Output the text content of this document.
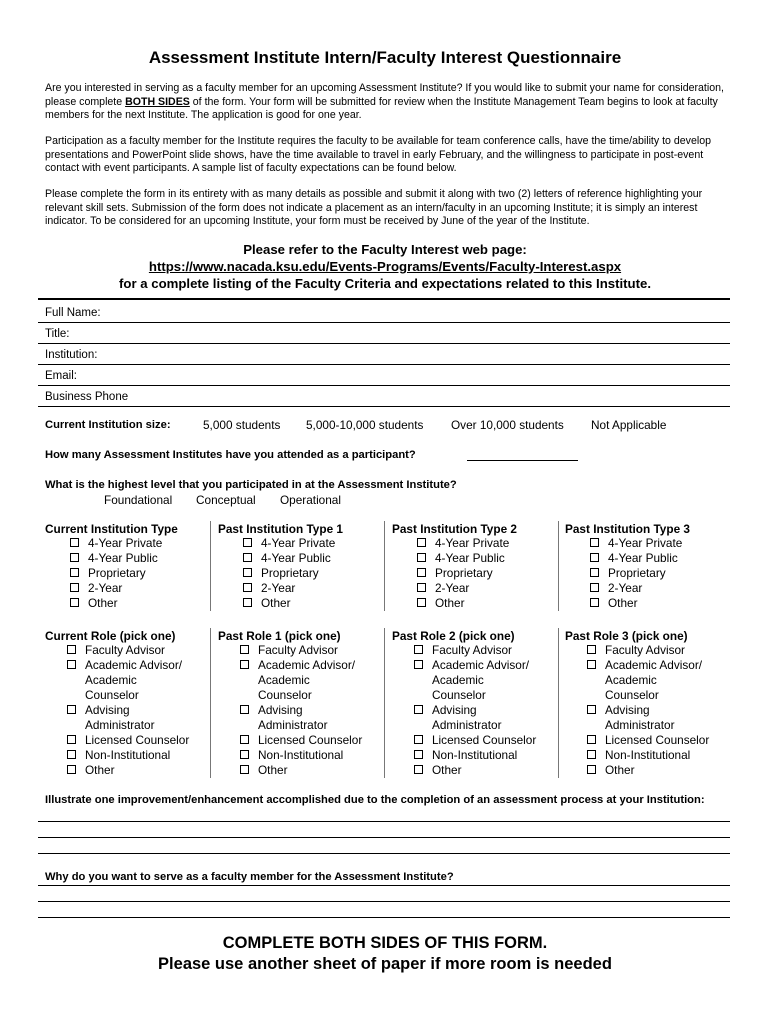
Assessment Institute Intern/Faculty Interest Questionnaire

Are you interested in serving as a faculty member for an upcoming Assessment Institute? If you would like to submit your name for consideration, please complete BOTH SIDES of the form. Your form will be submitted for review when the Institute Management Team begins to look at faculty members for the next Institute. The application is good for one year.

Participation as a faculty member for the Institute requires the faculty to be available for team conference calls, have the time/ability to develop presentations and PowerPoint slide shows, have the time available to travel in early February, and the willingness to participate in post-event contact with event participants. A sample list of faculty expectations can be found below.

Please complete the form in its entirety with as many details as possible and submit it along with two (2) letters of reference highlighting your relevant skill sets. Submission of the form does not indicate a placement as an intern/faculty in an upcoming Institute; it is simply an interest indicator. To be considered for an upcoming Institute, your form must be received by June of the year of the Institute.

Please refer to the Faculty Interest web page:
https://www.nacada.ksu.edu/Events-Programs/Events/Faculty-Interest.aspx
for a complete listing of the Faculty Criteria and expectations related to this Institute.
Full Name:
Title:
Institution:
Email:
Business Phone
Current Institution size:	5,000 students 5,000-10,000 students Over 10,000 students Not Applicable
How many Assessment Institutes have you attended as a participant?
What is the highest level that you participated in at the Assessment Institute?
Foundational Conceptual Operational
Current Institution Type
4-Year Private
4-Year Public
Proprietary
2-Year
Other
Past Institution Type 1
4-Year Private
4-Year Public
Proprietary
2-Year
Other
Past Institution Type 2
4-Year Private
4-Year Public
Proprietary
2-Year
Other
Past Institution Type 3
4-Year Private
4-Year Public
Proprietary
2-Year
Other
Current Role (pick one)
Faculty Advisor
Academic Advisor/
Academic
Counselor
Advising
Administrator
Licensed Counselor
Non-Institutional
Other
Past Role 1 (pick one)
Faculty Advisor
Academic Advisor/
Academic
Counselor
Advising
Administrator
Licensed Counselor
Non-Institutional
Other
Past Role 2 (pick one)
Faculty Advisor
Academic Advisor/
Academic
Counselor
Advising
Administrator
Licensed Counselor
Non-Institutional
Other
Past Role 3 (pick one)
Faculty Advisor
Academic Advisor/
Academic
Counselor
Advising
Administrator
Licensed Counselor
Non-Institutional
Other
Illustrate one improvement/enhancement accomplished due to the completion of an assessment process at your Institution:
Why do you want to serve as a faculty member for the Assessment Institute?
COMPLETE BOTH SIDES OF THIS FORM.
Please use another sheet of paper if more room is needed
